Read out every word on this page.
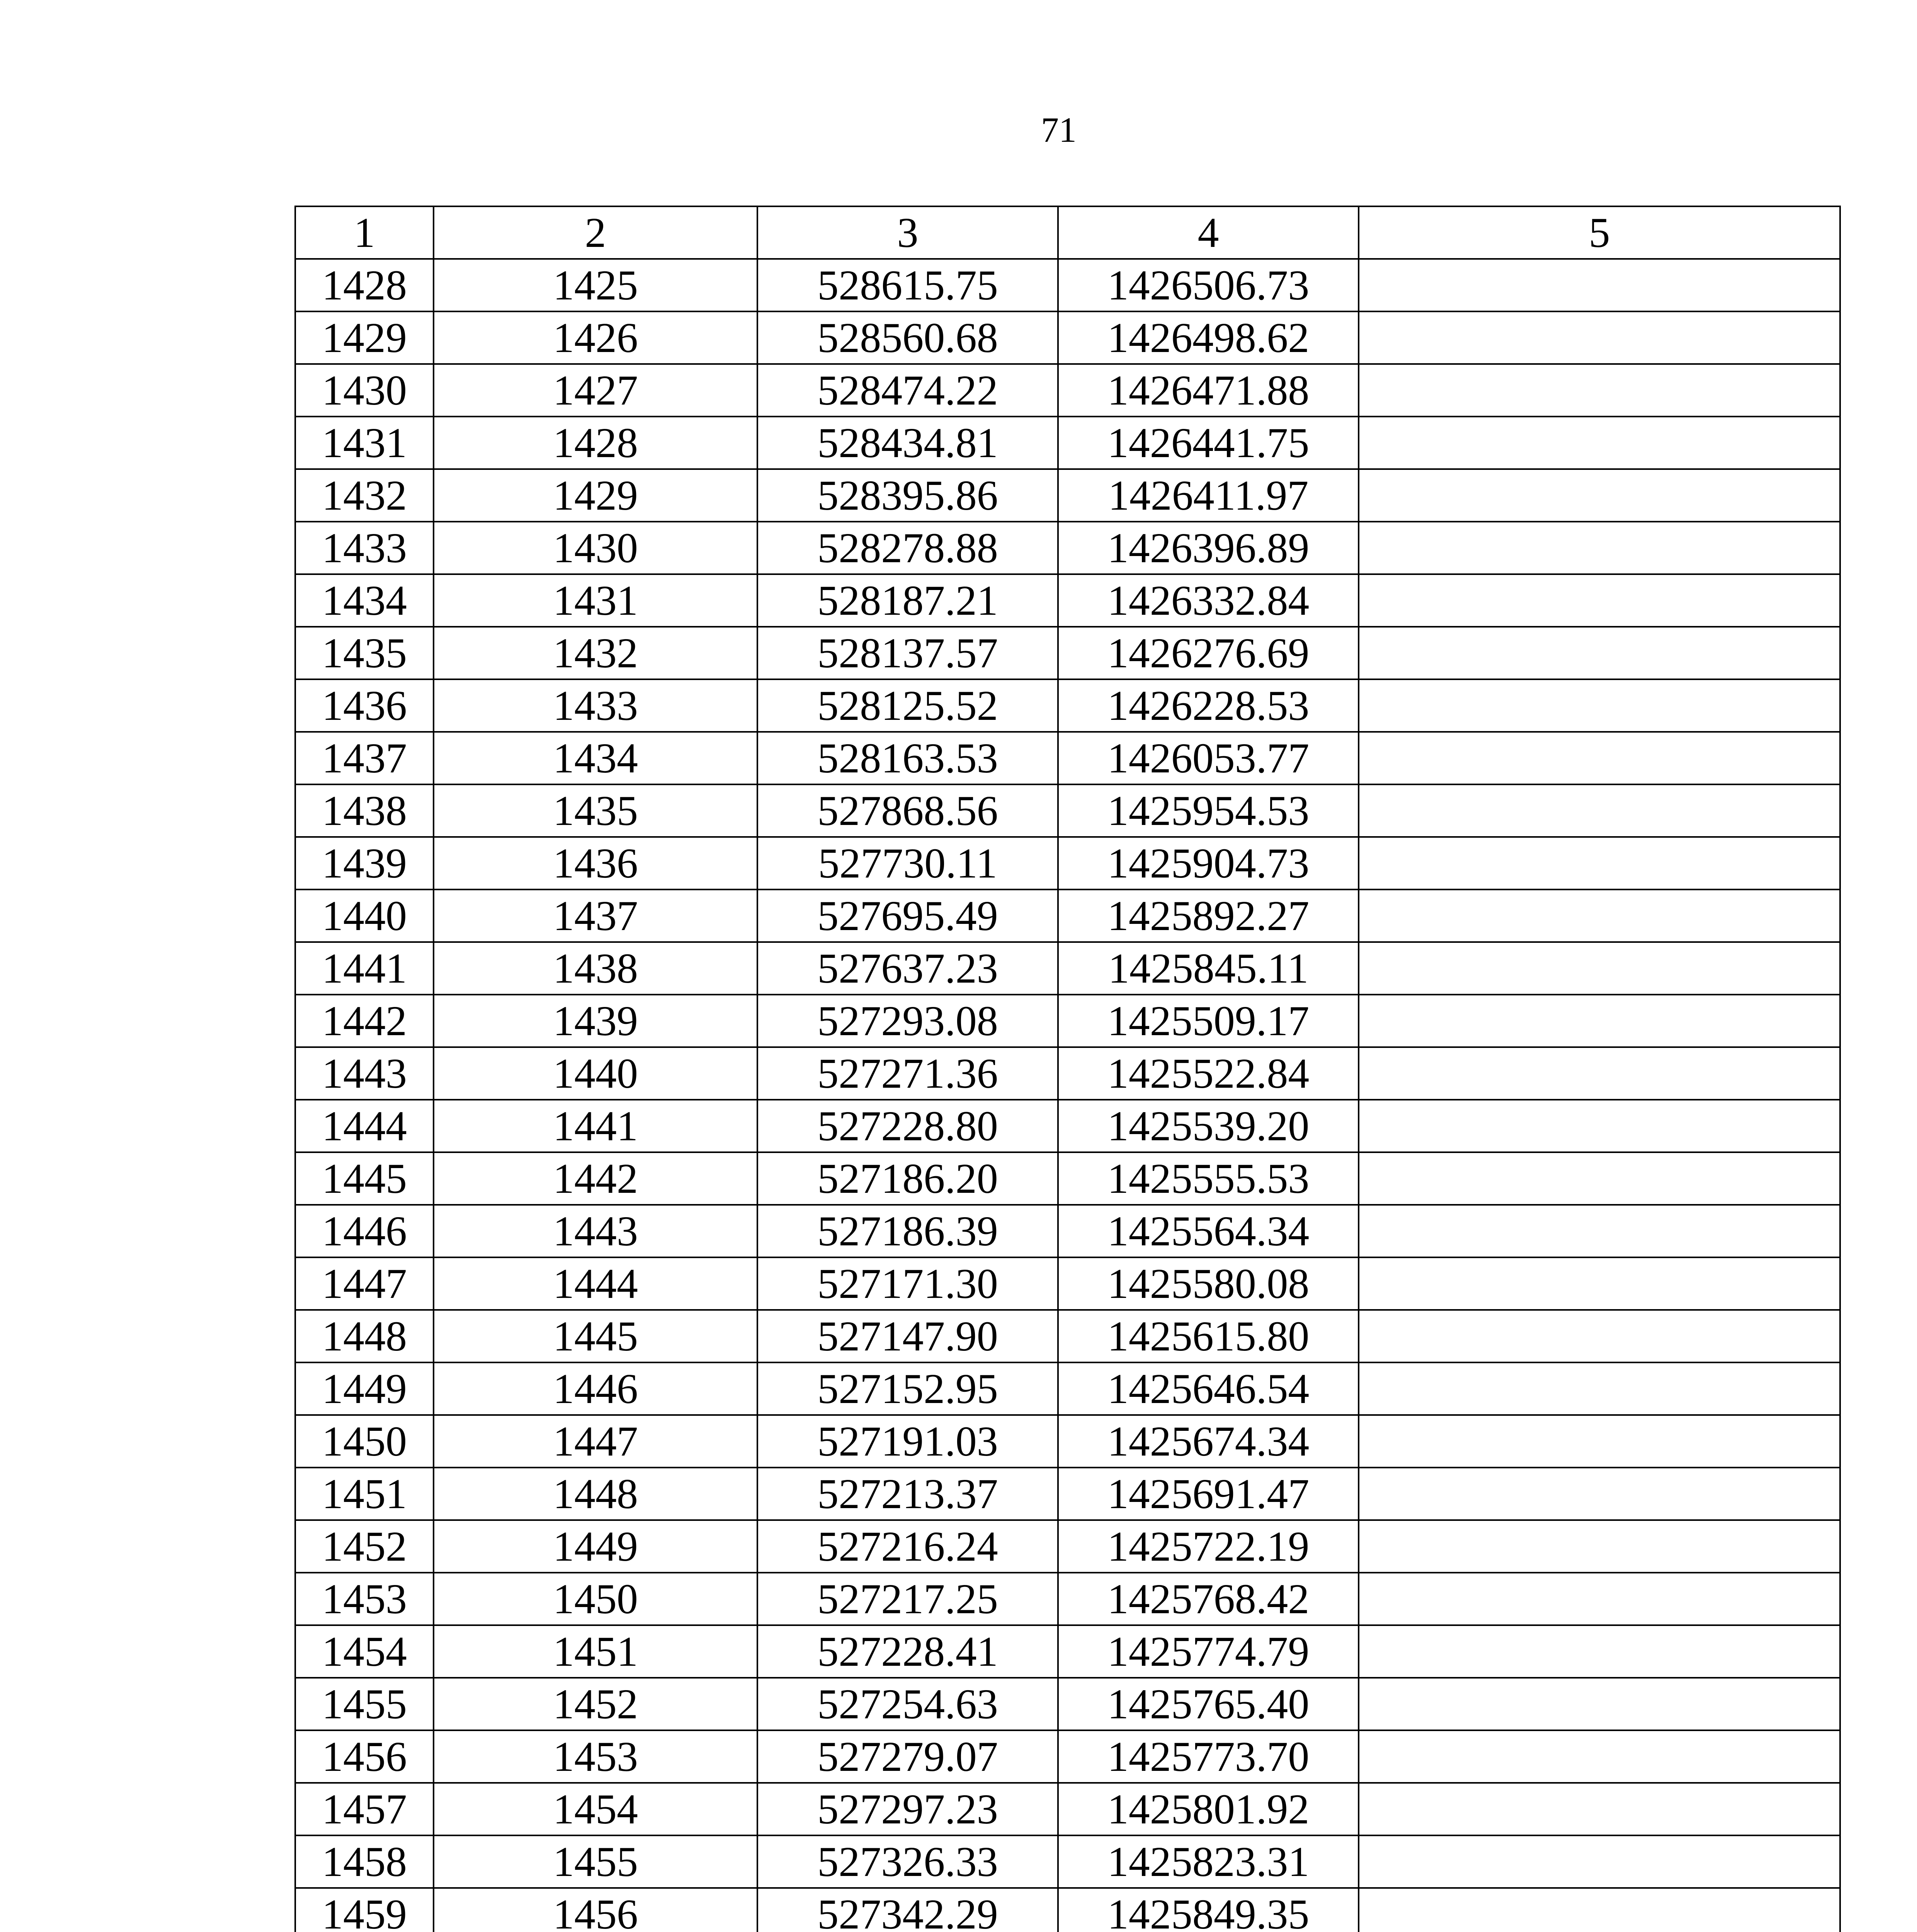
71
1	2	3	4	5
1428	1425	528615.75	1426506.73	
1429	1426	528560.68	1426498.62	
1430	1427	528474.22	1426471.88	
1431	1428	528434.81	1426441.75	
1432	1429	528395.86	1426411.97	
1433	1430	528278.88	1426396.89	
1434	1431	528187.21	1426332.84	
1435	1432	528137.57	1426276.69	
1436	1433	528125.52	1426228.53	
1437	1434	528163.53	1426053.77	
1438	1435	527868.56	1425954.53	
1439	1436	527730.11	1425904.73	
1440	1437	527695.49	1425892.27	
1441	1438	527637.23	1425845.11	
1442	1439	527293.08	1425509.17	
1443	1440	527271.36	1425522.84	
1444	1441	527228.80	1425539.20	
1445	1442	527186.20	1425555.53	
1446	1443	527186.39	1425564.34	
1447	1444	527171.30	1425580.08	
1448	1445	527147.90	1425615.80	
1449	1446	527152.95	1425646.54	
1450	1447	527191.03	1425674.34	
1451	1448	527213.37	1425691.47	
1452	1449	527216.24	1425722.19	
1453	1450	527217.25	1425768.42	
1454	1451	527228.41	1425774.79	
1455	1452	527254.63	1425765.40	
1456	1453	527279.07	1425773.70	
1457	1454	527297.23	1425801.92	
1458	1455	527326.33	1425823.31	
1459	1456	527342.29	1425849.35	
